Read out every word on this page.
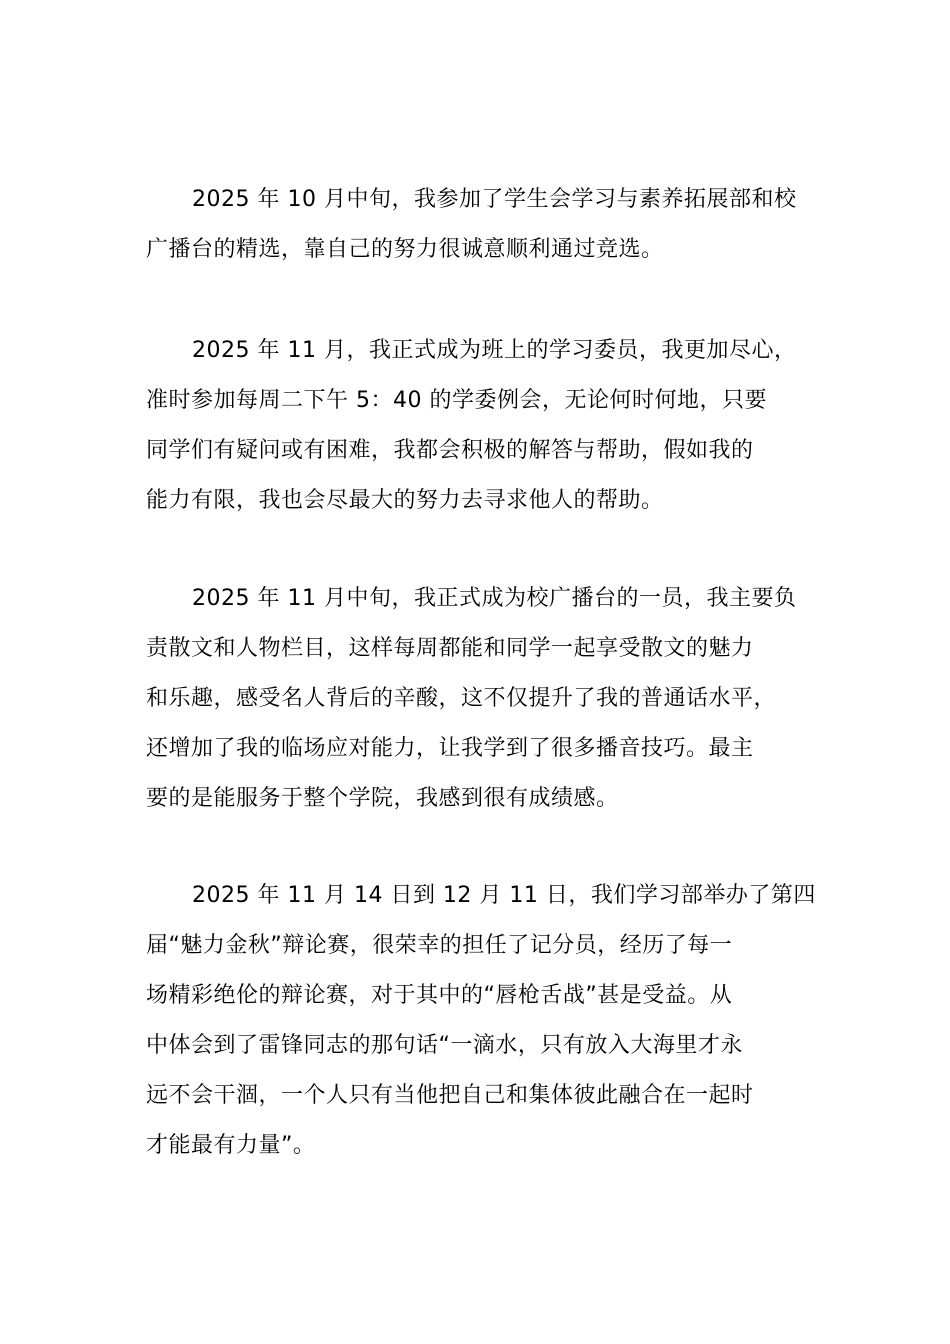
2025 年 10 月中旬，我参加了学生会学习与素养拓展部和校
广播台的精选，靠自己的努力很诚意顺利通过竞选。
2025 年 11 月，我正式成为班上的学习委员，我更加尽心，
准时参加每周二下午 5：40 的学委例会，无论何时何地，只要
同学们有疑问或有困难，我都会积极的解答与帮助，假如我的
能力有限，我也会尽最大的努力去寻求他人的帮助。
2025 年 11 月中旬，我正式成为校广播台的一员，我主要负
责散文和人物栏目，这样每周都能和同学一起享受散文的魅力
和乐趣，感受名人背后的辛酸，这不仅提升了我的普通话水平，
还增加了我的临场应对能力，让我学到了很多播音技巧。最主
要的是能服务于整个学院，我感到很有成绩感。
2025 年 11 月 14 日到 12 月 11 日，我们学习部举办了第四
届“魅力金秋”辩论赛，很荣幸的担任了记分员，经历了每一
场精彩绝伦的辩论赛，对于其中的“唇枪舌战”甚是受益。从
中体会到了雷锋同志的那句话“一滴水，只有放入大海里才永
远不会干涸，一个人只有当他把自己和集体彼此融合在一起时
才能最有力量”。
